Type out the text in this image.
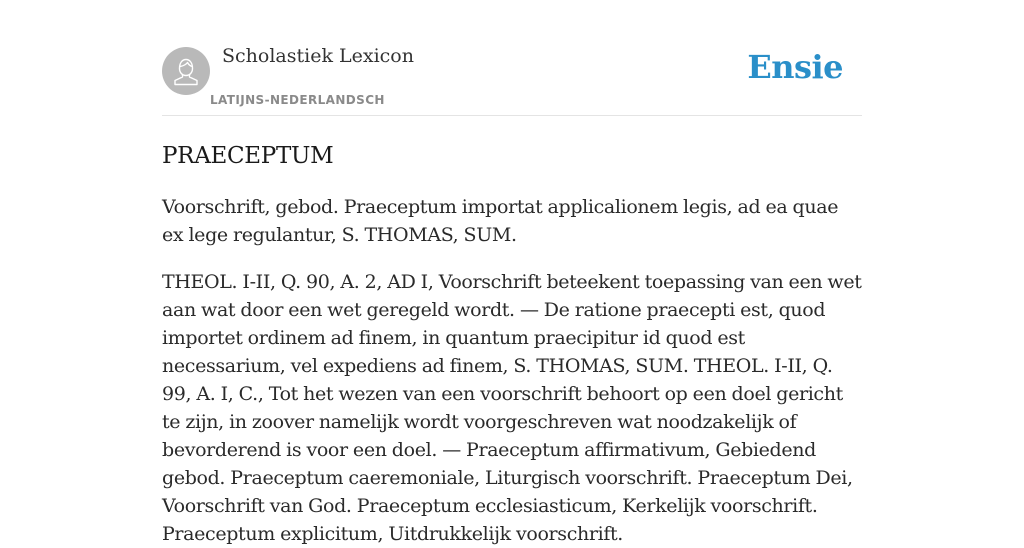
Scholastiek Lexicon
LATIJNS-NEDERLANDSCH
Ensie
PRAECEPTUM

Voorschrift, gebod. Praeceptum importat applicalionem legis, ad ea quae ex lege regulantur, S. THOMAS, SUM.

THEOL. I-II, Q. 90, A. 2, AD I, Voorschrift beteekent toepassing van een wet aan wat door een wet geregeld wordt. — De ratione praecepti est, quod importet ordinem ad finem, in quantum praecipitur id quod est necessarium, vel expediens ad finem, S. THOMAS, SUM. THEOL. I-II, Q. 99, A. I, C., Tot het wezen van een voorschrift behoort op een doel gericht te zijn, in zoover namelijk wordt voorgeschreven wat noodzakelijk of bevorderend is voor een doel. — Praeceptum affirmativum, Gebiedend gebod. Praeceptum caeremoniale, Liturgisch voorschrift. Praeceptum Dei, Voorschrift van God. Praeceptum ecclesiasticum, Kerkelijk voorschrift. Praeceptum explicitum, Uitdrukkelijk voorschrift.
